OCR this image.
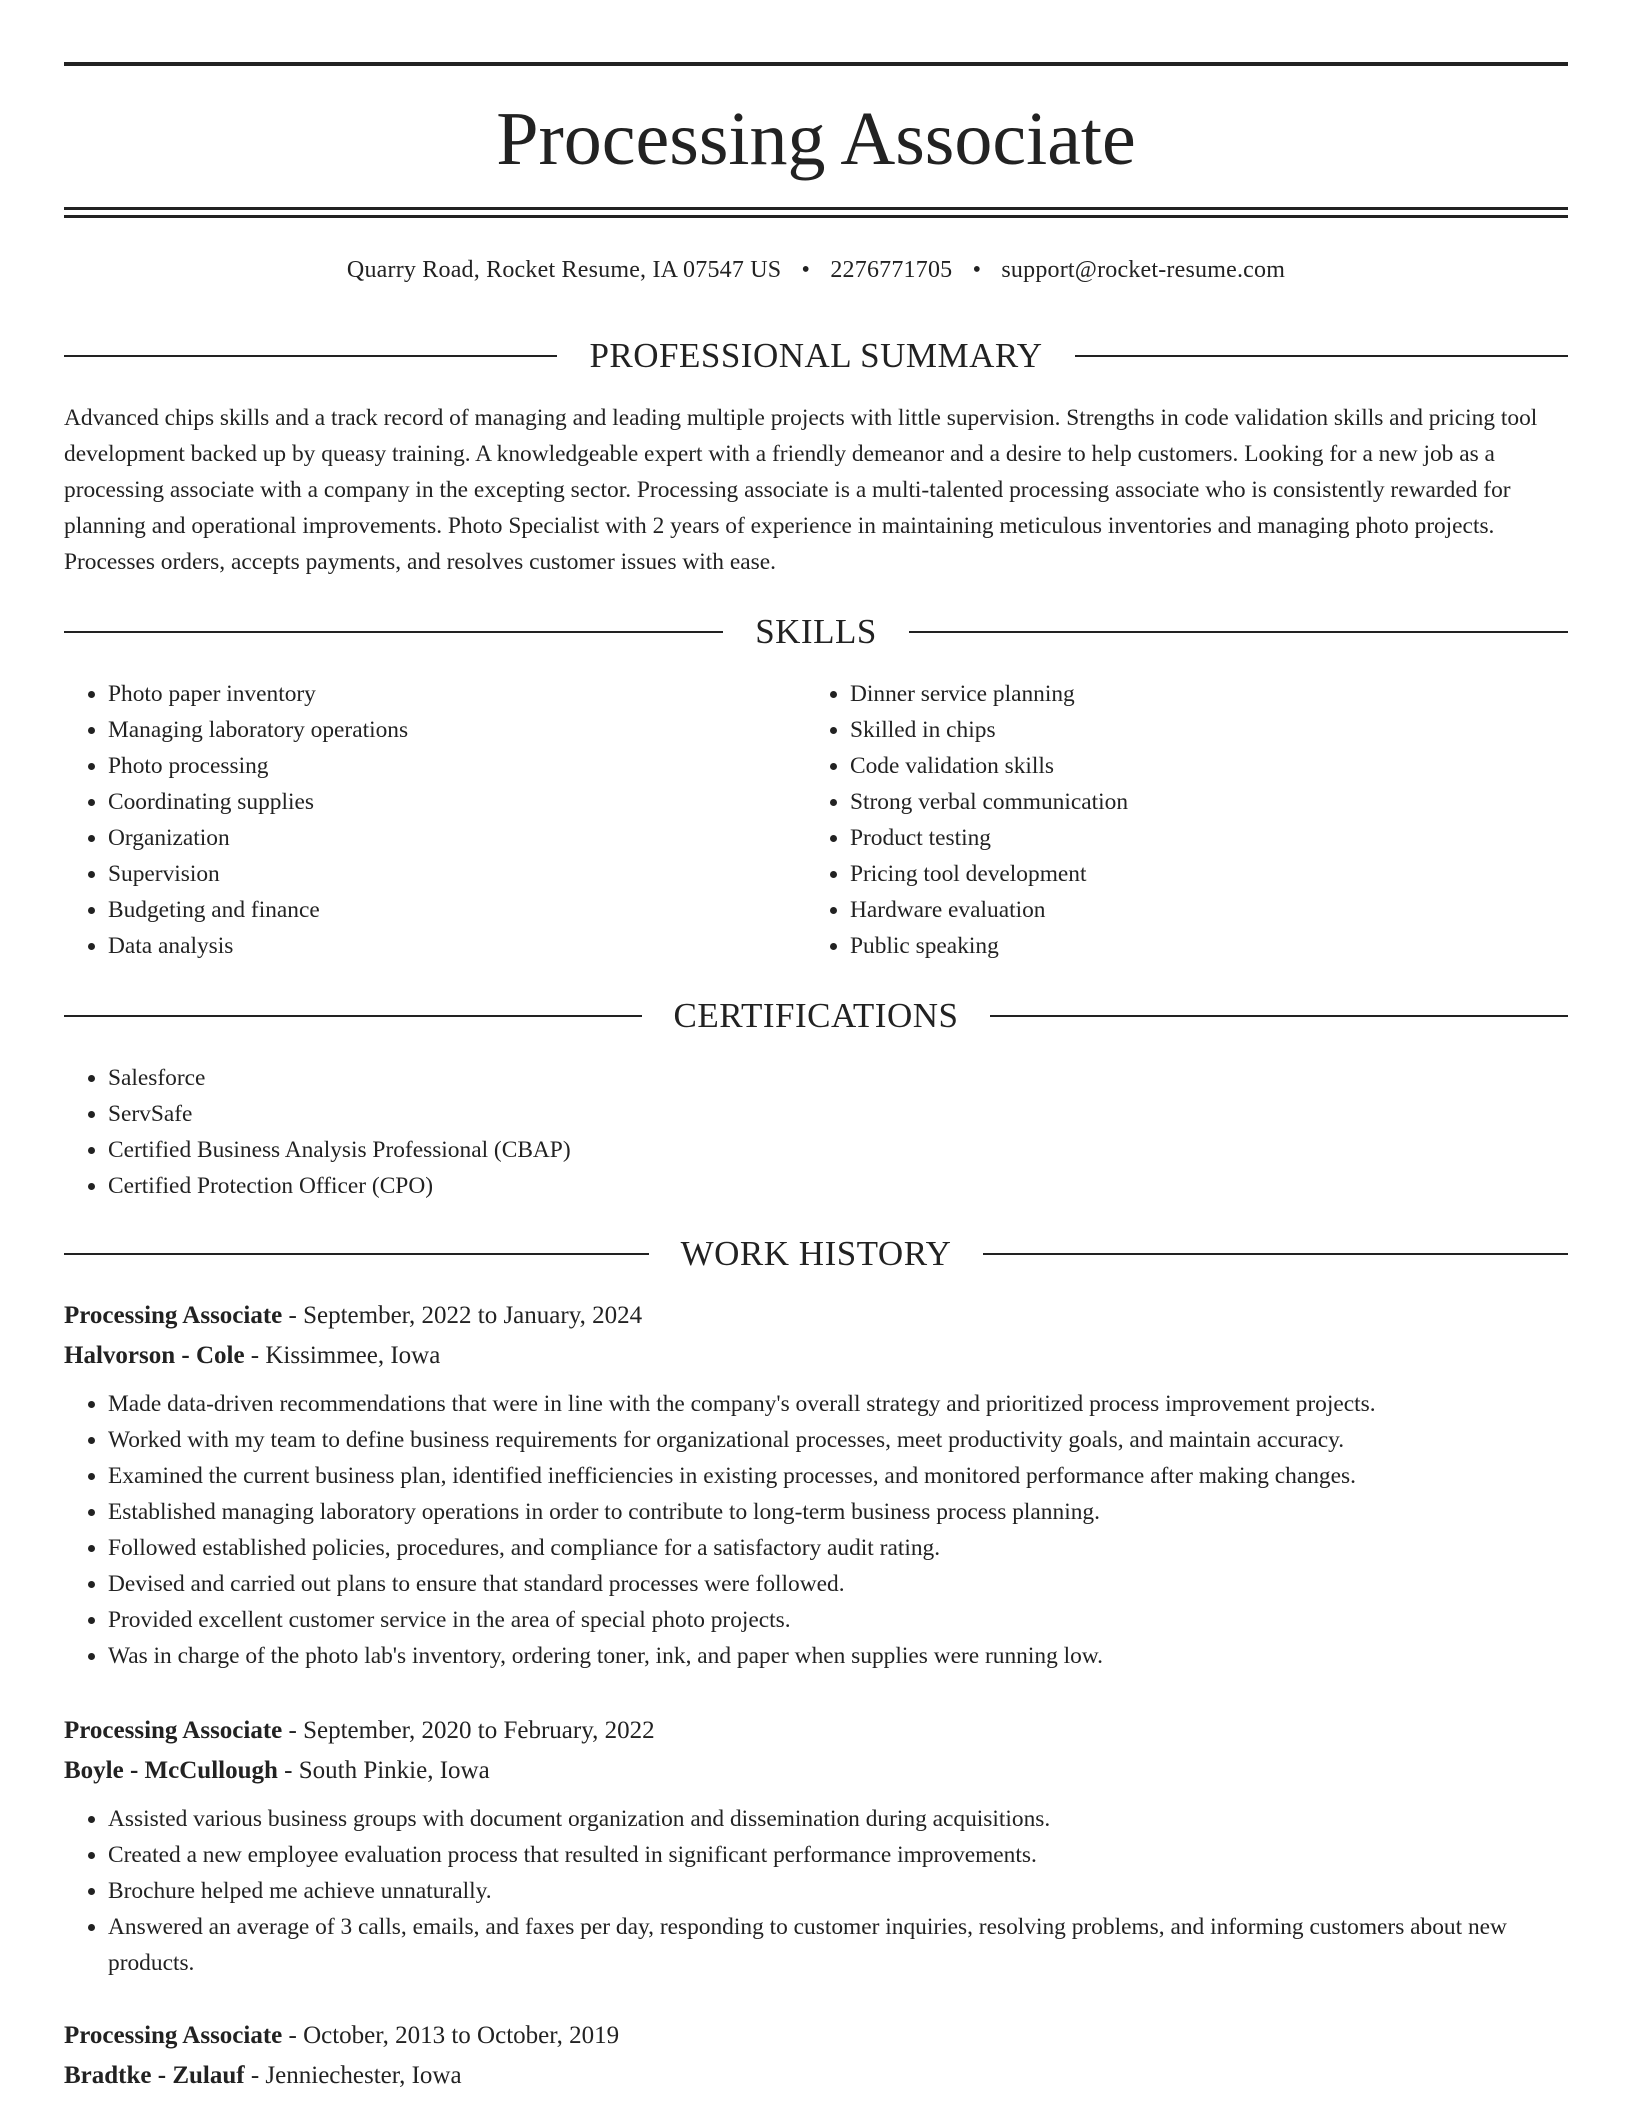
Processing Associate
Quarry Road, Rocket Resume, IA 07547 US • 2276771705 • support@rocket-resume.com
PROFESSIONAL SUMMARY

Advanced chips skills and a track record of managing and leading multiple projects with little supervision. Strengths in code validation skills and pricing tool development backed up by queasy training. A knowledgeable expert with a friendly demeanor and a desire to help customers. Looking for a new job as a processing associate with a company in the excepting sector. Processing associate is a multi-talented processing associate who is consistently rewarded for planning and operational improvements. Photo Specialist with 2 years of experience in maintaining meticulous inventories and managing photo projects. Processes orders, accepts payments, and resolves customer issues with ease.

SKILLS
• Photo paper inventory
• Managing laboratory operations
• Photo processing
• Coordinating supplies
• Organization
• Supervision
• Budgeting and finance
• Data analysis
• Dinner service planning
• Skilled in chips
• Code validation skills
• Strong verbal communication
• Product testing
• Pricing tool development
• Hardware evaluation
• Public speaking
CERTIFICATIONS
• Salesforce
• ServSafe
• Certified Business Analysis Professional (CBAP)
• Certified Protection Officer (CPO)
WORK HISTORY
Processing Associate - September, 2022 to January, 2024
Halvorson - Cole - Kissimmee, Iowa
• Made data-driven recommendations that were in line with the company's overall strategy and prioritized process improvement projects.
• Worked with my team to define business requirements for organizational processes, meet productivity goals, and maintain accuracy.
• Examined the current business plan, identified inefficiencies in existing processes, and monitored performance after making changes.
• Established managing laboratory operations in order to contribute to long-term business process planning.
• Followed established policies, procedures, and compliance for a satisfactory audit rating.
• Devised and carried out plans to ensure that standard processes were followed.
• Provided excellent customer service in the area of special photo projects.
• Was in charge of the photo lab's inventory, ordering toner, ink, and paper when supplies were running low.
Processing Associate - September, 2020 to February, 2022
Boyle - McCullough - South Pinkie, Iowa
• Assisted various business groups with document organization and dissemination during acquisitions.
• Created a new employee evaluation process that resulted in significant performance improvements.
• Brochure helped me achieve unnaturally.
• Answered an average of 3 calls, emails, and faxes per day, responding to customer inquiries, resolving problems, and informing customers about new products.
Processing Associate - October, 2013 to October, 2019
Bradtke - Zulauf - Jenniechester, Iowa
